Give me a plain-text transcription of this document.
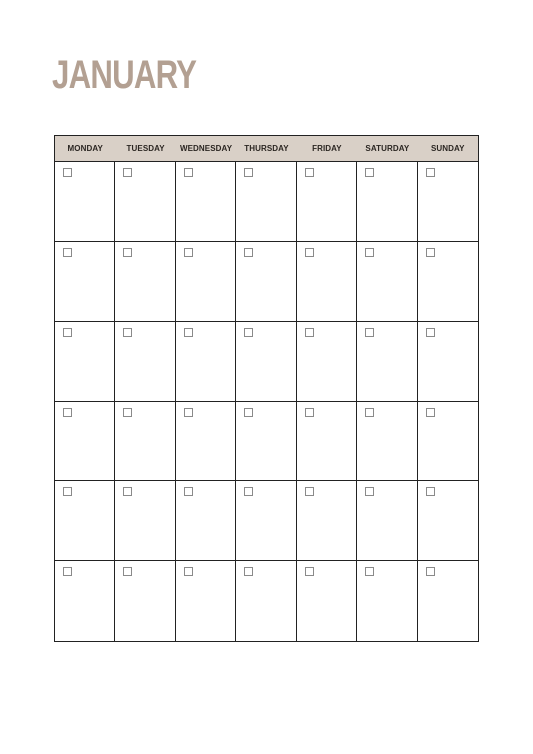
JANUARY
MONDAY	TUESDAY	WEDNESDAY	THURSDAY	FRIDAY	SATURDAY	SUNDAY
